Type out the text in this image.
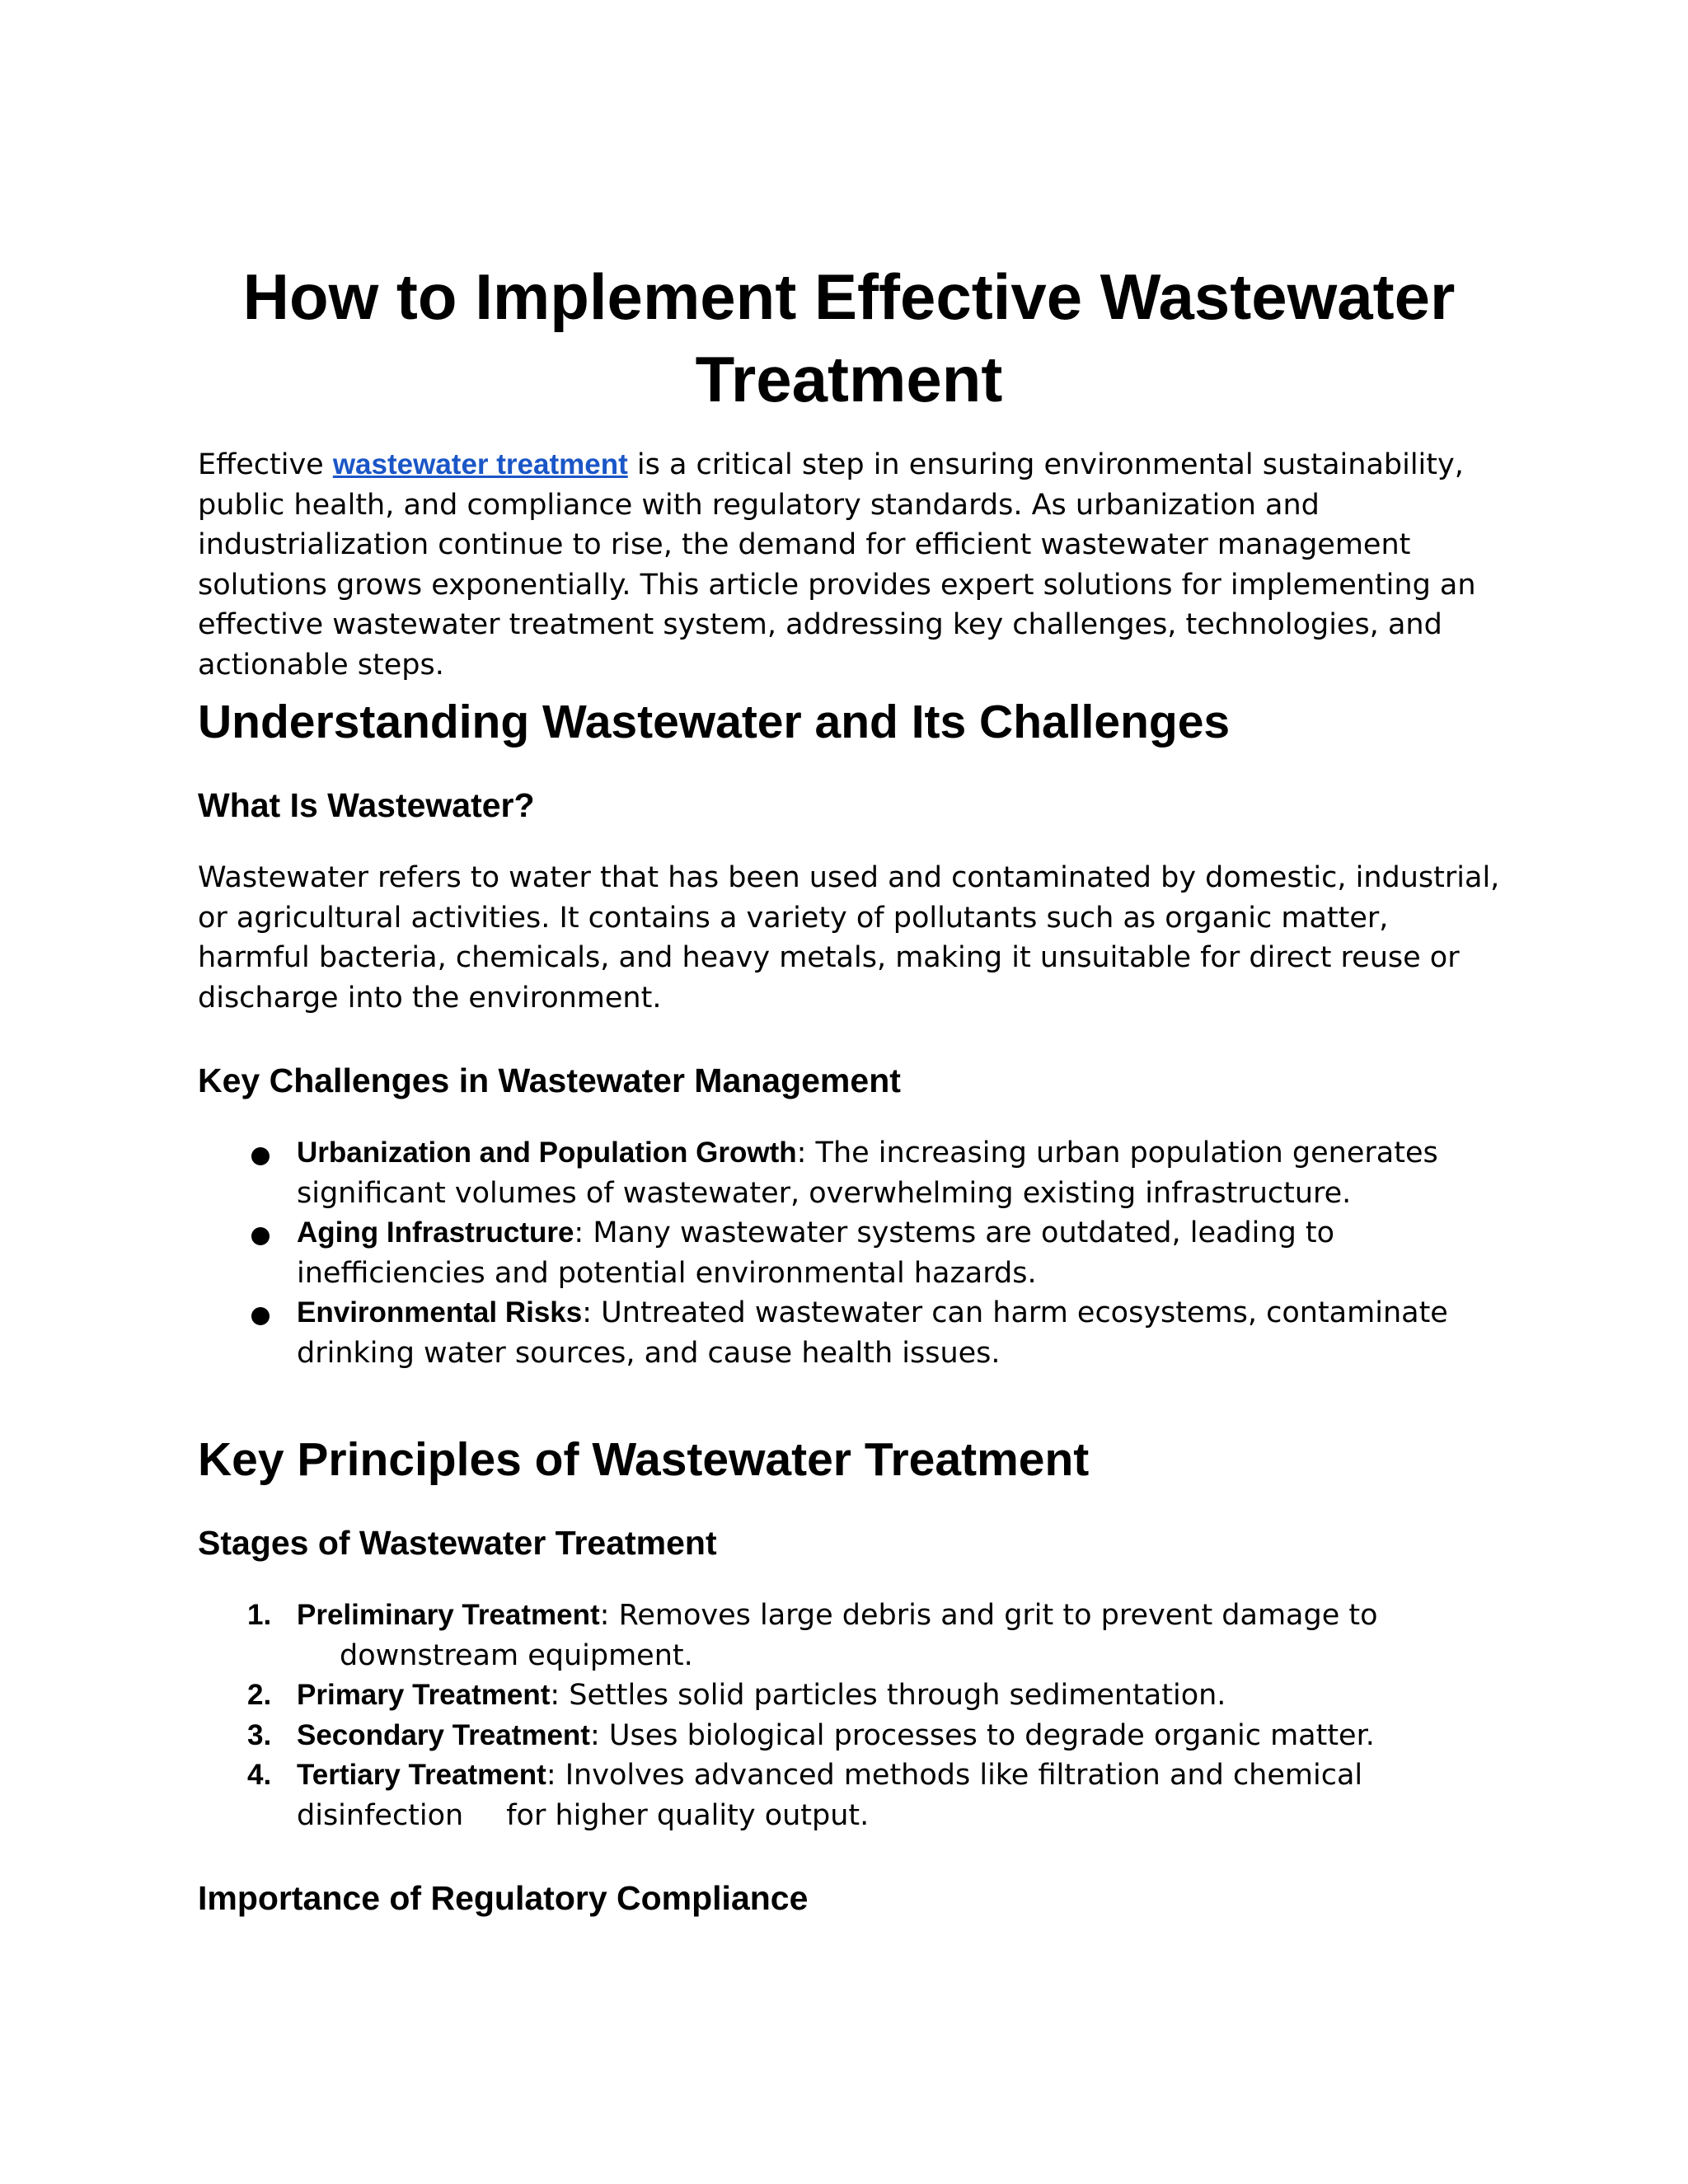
How to Implement Effective Wastewater
Treatment

Effective wastewater treatment is a critical step in ensuring environmental sustainability, public health, and compliance with regulatory standards. As urbanization and industrialization continue to rise, the demand for efficient wastewater management solutions grows exponentially. This article provides expert solutions for implementing an effective wastewater treatment system, addressing key challenges, technologies, and actionable steps.

Understanding Wastewater and Its Challenges
What Is Wastewater?

Wastewater refers to water that has been used and contaminated by domestic, industrial, or agricultural activities. It contains a variety of pollutants such as organic matter, harmful bacteria, chemicals, and heavy metals, making it unsuitable for direct reuse or discharge into the environment.

Key Challenges in Wastewater Management
Urbanization and Population Growth: The increasing urban population generates significant volumes of wastewater, overwhelming existing infrastructure.
Aging Infrastructure: Many wastewater systems are outdated, leading to inefficiencies and potential environmental hazards.
Environmental Risks: Untreated wastewater can harm ecosystems, contaminate drinking water sources, and cause health issues.
Key Principles of Wastewater Treatment
Stages of Wastewater Treatment
1. Preliminary Treatment: Removes large debris and grit to prevent damage todownstream equipment.
2. Primary Treatment: Settles solid particles through sedimentation.
3. Secondary Treatment: Uses biological processes to degrade organic matter.
4. Tertiary Treatment: Involves advanced methods like filtration and chemical disinfection for higher quality output.
Importance of Regulatory Compliance
